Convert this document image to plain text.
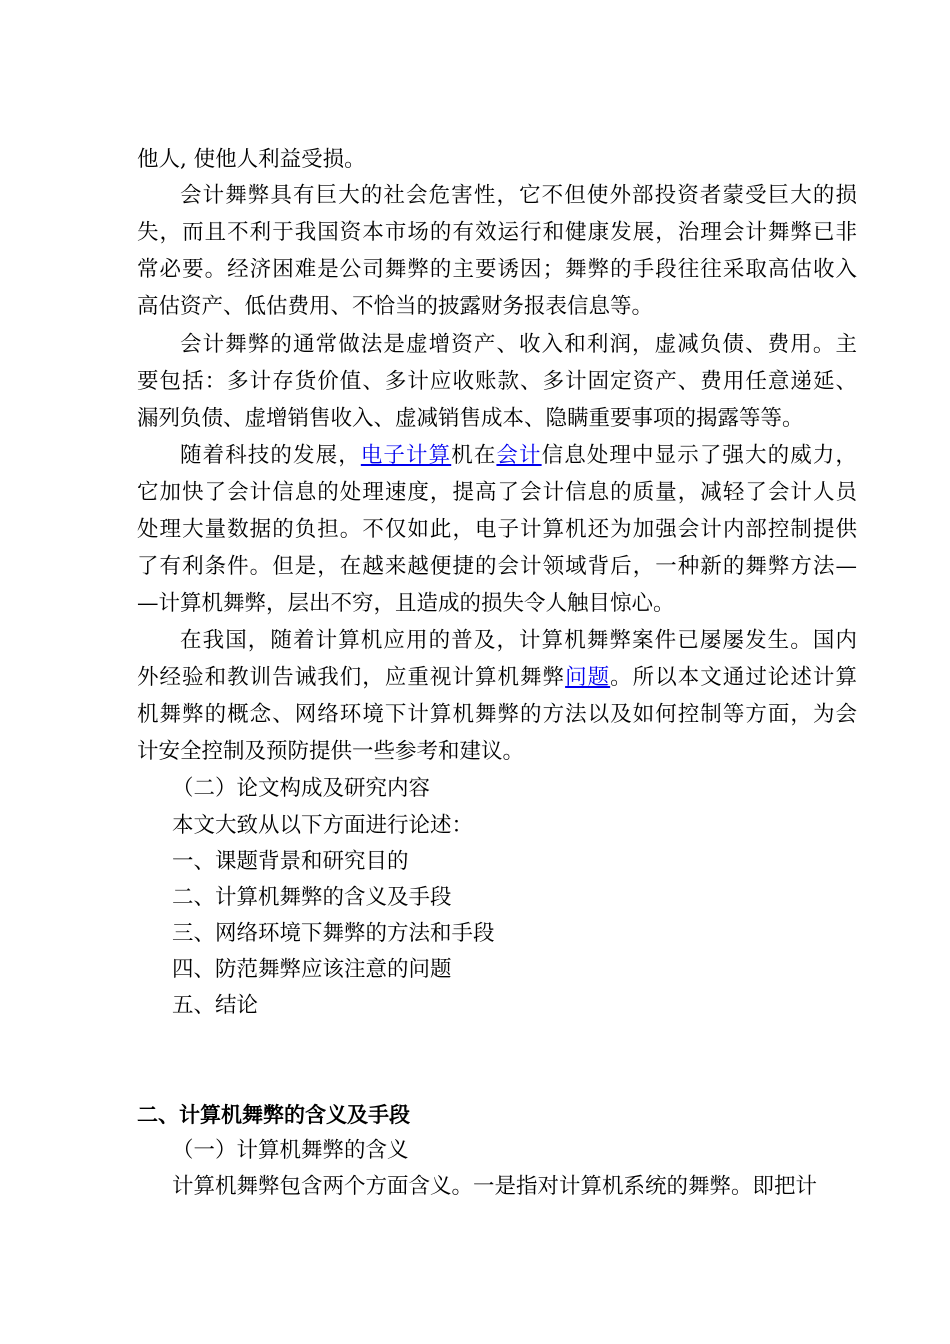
他人, 使他人利益受损。
会计舞弊具有巨大的社会危害性，它不但使外部投资者蒙受巨大的损
失，而且不利于我国资本市场的有效运行和健康发展，治理会计舞弊已非
常必要。经济困难是公司舞弊的主要诱因；舞弊的手段往往采取高估收入
高估资产、低估费用、不恰当的披露财务报表信息等。
会计舞弊的通常做法是虚增资产、收入和利润，虚减负债、费用。主
要包括：多计存货价值、多计应收账款、多计固定资产、费用任意递延、
漏列负债、虚增销售收入、虚减销售成本、隐瞒重要事项的揭露等等。
随着科技的发展，电子计算机在会计信息处理中显示了强大的威力，
它加快了会计信息的处理速度，提高了会计信息的质量，减轻了会计人员
处理大量数据的负担。不仅如此，电子计算机还为加强会计内部控制提供
了有利条件。但是，在越来越便捷的会计领域背后，一种新的舞弊方法—
—计算机舞弊，层出不穷，且造成的损失令人触目惊心。
在我国，随着计算机应用的普及，计算机舞弊案件已屡屡发生。国内
外经验和教训告诫我们，应重视计算机舞弊问题。所以本文通过论述计算
机舞弊的概念、网络环境下计算机舞弊的方法以及如何控制等方面，为会
计安全控制及预防提供一些参考和建议。
（二）论文构成及研究内容
本文大致从以下方面进行论述：
一、课题背景和研究目的
二、计算机舞弊的含义及手段
三、网络环境下舞弊的方法和手段
四、防范舞弊应该注意的问题
五、结论
二、计算机舞弊的含义及手段
（一）计算机舞弊的含义
计算机舞弊包含两个方面含义。一是指对计算机系统的舞弊。即把计
